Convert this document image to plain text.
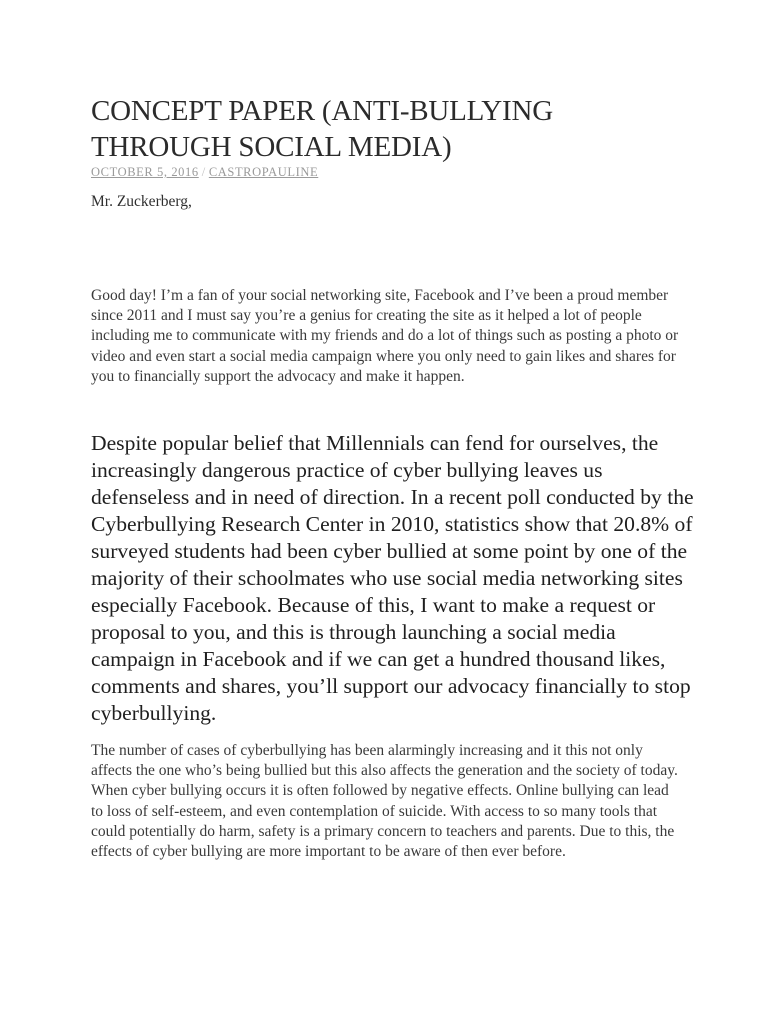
CONCEPT PAPER (ANTI-BULLYING THROUGH SOCIAL MEDIA)
OCTOBER 5, 2016 / CASTROPAULINE

Mr. Zuckerberg,

Good day! I’m a fan of your social networking site, Facebook and I’ve been a proud member since 2011 and I must say you’re a genius for creating the site as it helped a lot of people including me to communicate with my friends and do a lot of things such as posting a photo or video and even start a social media campaign where you only need to gain likes and shares for you to financially support the advocacy and make it happen.

Despite popular belief that Millennials can fend for ourselves, the increasingly dangerous practice of cyber bullying leaves us defenseless and in need of direction. In a recent poll conducted by the Cyberbullying Research Center in 2010, statistics show that 20.8% of surveyed students had been cyber bullied at some point by one of the majority of their schoolmates who use social media networking sites especially Facebook. Because of this, I want to make a request or proposal to you, and this is through launching a social media campaign in Facebook and if we can get a hundred thousand likes, comments and shares, you’ll support our advocacy financially to stop cyberbullying.

The number of cases of cyberbullying has been alarmingly increasing and it this not only affects the one who’s being bullied but this also affects the generation and the society of today. When cyber bullying occurs it is often followed by negative effects. Online bullying can lead to loss of self-esteem, and even contemplation of suicide. With access to so many tools that could potentially do harm, safety is a primary concern to teachers and parents. Due to this, the effects of cyber bullying are more important to be aware of then ever before.
